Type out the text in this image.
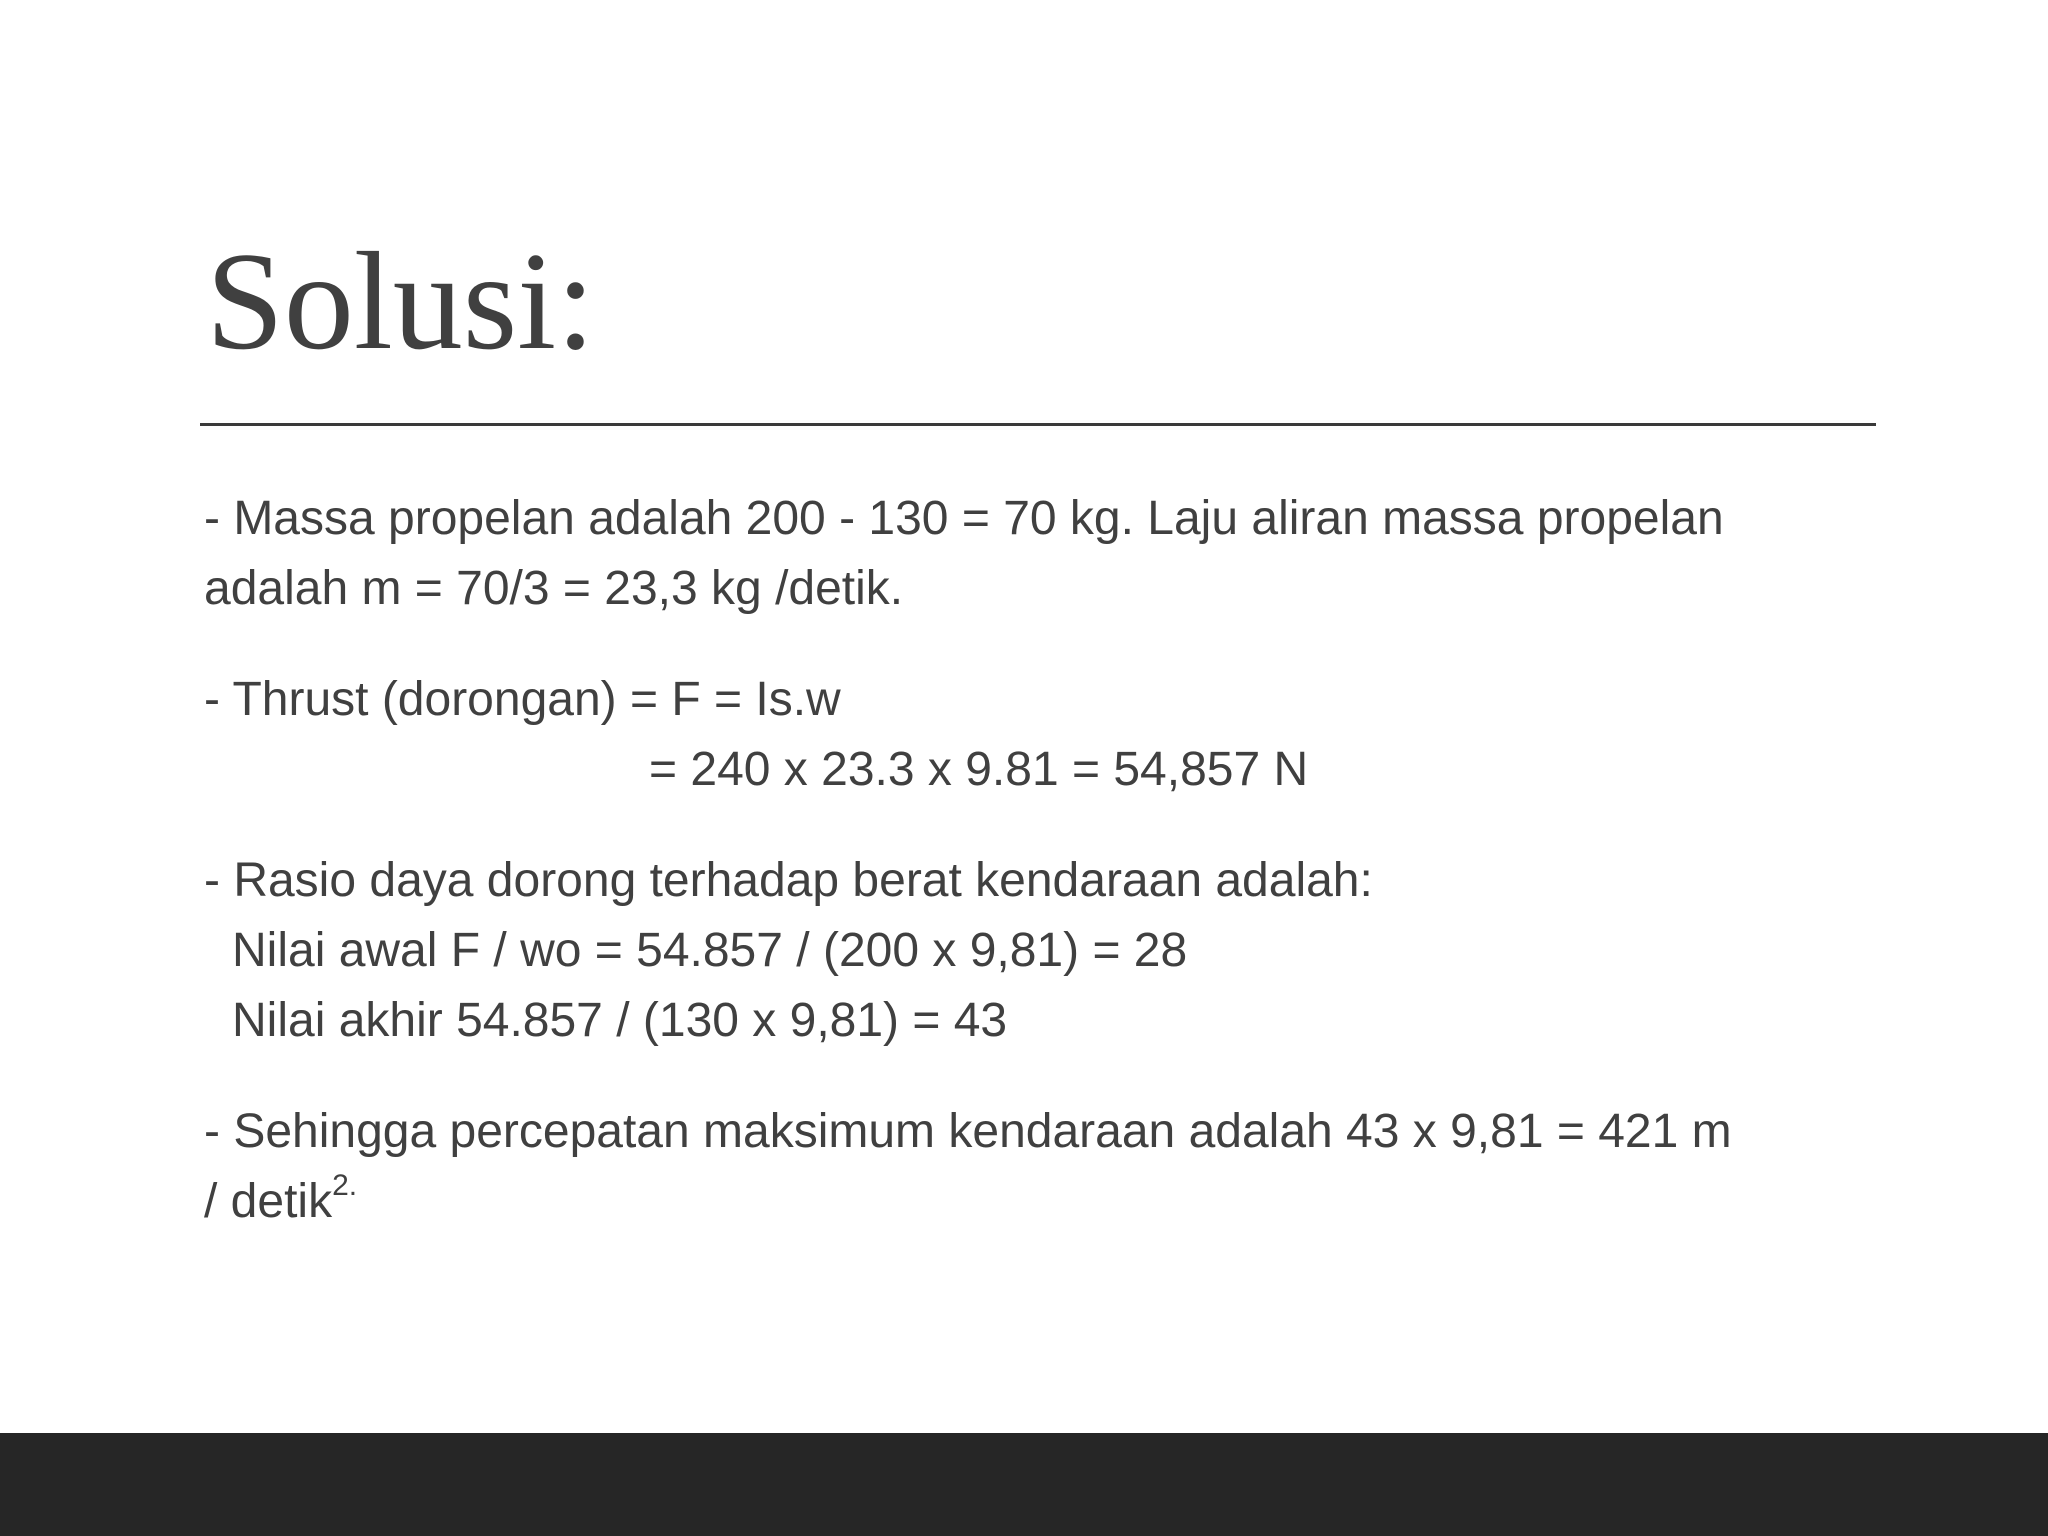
Solusi:

- Massa propelan adalah 200 - 130 = 70 kg. Laju aliran massa propelan
adalah m = 70/3 = 23,3 kg /detik.

- Thrust (dorongan) = F = Is.w
= 240 x 23.3 x 9.81 = 54,857 N

- Rasio daya dorong terhadap berat kendaraan adalah:
Nilai awal F / wo = 54.857 / (200 x 9,81) = 28
Nilai akhir 54.857 / (130 x 9,81) = 43

- Sehingga percepatan maksimum kendaraan adalah 43 x 9,81 = 421 m
/ detik$^{2.}$
